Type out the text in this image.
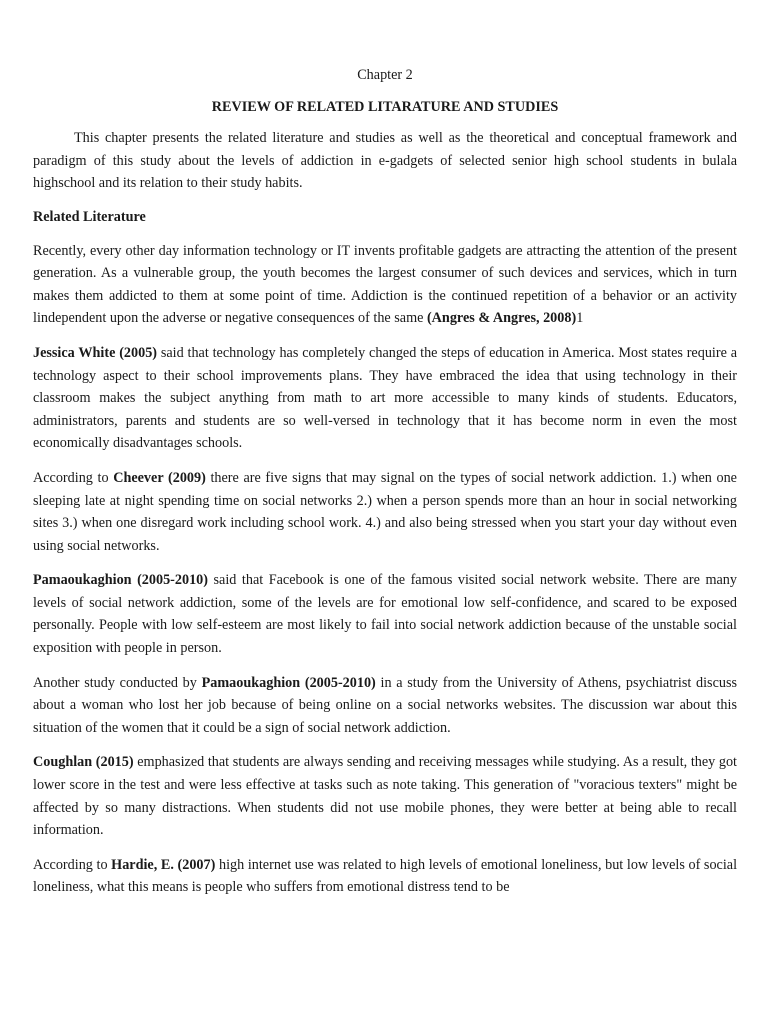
Chapter 2

REVIEW OF RELATED LITARATURE AND STUDIES

This chapter presents the related literature and studies as well as the theoretical and conceptual framework and paradigm of this study about the levels of addiction in e-gadgets of selected senior high school students in bulala highschool and its relation to their study habits.

Related Literature

Recently, every other day information technology or IT invents profitable gadgets are attracting the attention of the present generation. As a vulnerable group, the youth becomes the largest consumer of such devices and services, which in turn makes them addicted to them at some point of time. Addiction is the continued repetition of a behavior or an activity lindependent upon the adverse or negative consequences of the same (Angres & Angres, 2008)1

Jessica White (2005) said that technology has completely changed the steps of education in America. Most states require a technology aspect to their school improvements plans. They have embraced the idea that using technology in their classroom makes the subject anything from math to art more accessible to many kinds of students. Educators, administrators, parents and students are so well-versed in technology that it has become norm in even the most economically disadvantages schools.

According to Cheever (2009) there are five signs that may signal on the types of social network addiction. 1.) when one sleeping late at night spending time on social networks 2.) when a person spends more than an hour in social networking sites 3.) when one disregard work including school work. 4.) and also being stressed when you start your day without even using social networks.

Pamaoukaghion (2005-2010) said that Facebook is one of the famous visited social network website. There are many levels of social network addiction, some of the levels are for emotional low self-confidence, and scared to be exposed personally. People with low self-esteem are most likely to fail into social network addiction because of the unstable social exposition with people in person.

Another study conducted by Pamaoukaghion (2005-2010) in a study from the University of Athens, psychiatrist discuss about a woman who lost her job because of being online on a social networks websites. The discussion war about this situation of the women that it could be a sign of social network addiction.

Coughlan (2015) emphasized that students are always sending and receiving messages while studying. As a result, they got lower score in the test and were less effective at tasks such as note taking. This generation of "voracious texters" might be affected by so many distractions. When students did not use mobile phones, they were better at being able to recall information.

According to Hardie, E. (2007) high internet use was related to high levels of emotional loneliness, but low levels of social loneliness, what this means is people who suffers from emotional distress tend to be
